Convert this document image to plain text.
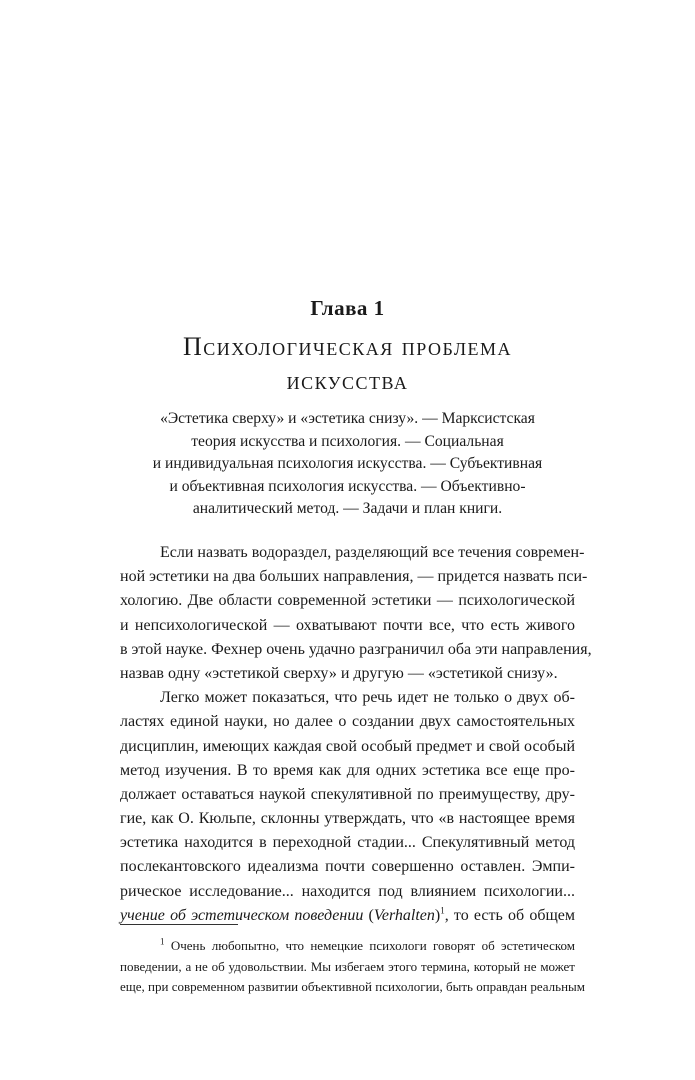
Глава 1
Психологическая проблема
искусства
«Эстетика сверху» и «эстетика снизу». — Марксистская
теория искусства и психология. — Социальная
и индивидуальная психология искусства. — Субъективная
и объективная психология искусства. — Объективно-
аналитический метод. — Задачи и план книги.
Если назвать водораздел, разделяющий все течения современ-
ной эстетики на два больших направления, — придется назвать пси-
хологию. Две области современной эстетики — психологической
и непсихологической — охватывают почти все, что есть живого
в этой науке. Фехнер очень удачно разграничил оба эти направления,
назвав одну «эстетикой сверху» и другую — «эстетикой снизу».
Легко может показаться, что речь идет не только о двух об-
ластях единой науки, но далее о создании двух самостоятельных
дисциплин, имеющих каждая свой особый предмет и свой особый
метод изучения. В то время как для одних эстетика все еще про-
должает оставаться наукой спекулятивной по преимуществу, дру-
гие, как О. Кюльпе, склонны утверждать, что «в настоящее время
эстетика находится в переходной стадии... Спекулятивный метод
послекантовского идеализма почти совершенно оставлен. Эмпи-
рическое исследование... находится под влиянием психологии...
учение об эстетическом поведении (Verhalten)$^1$, то есть об общем
$^1$ Очень любопытно, что немецкие психологи говорят об эстетическом
поведении, а не об удовольствии. Мы избегаем этого термина, который не может
еще, при современном развитии объективной психологии, быть оправдан реальным
